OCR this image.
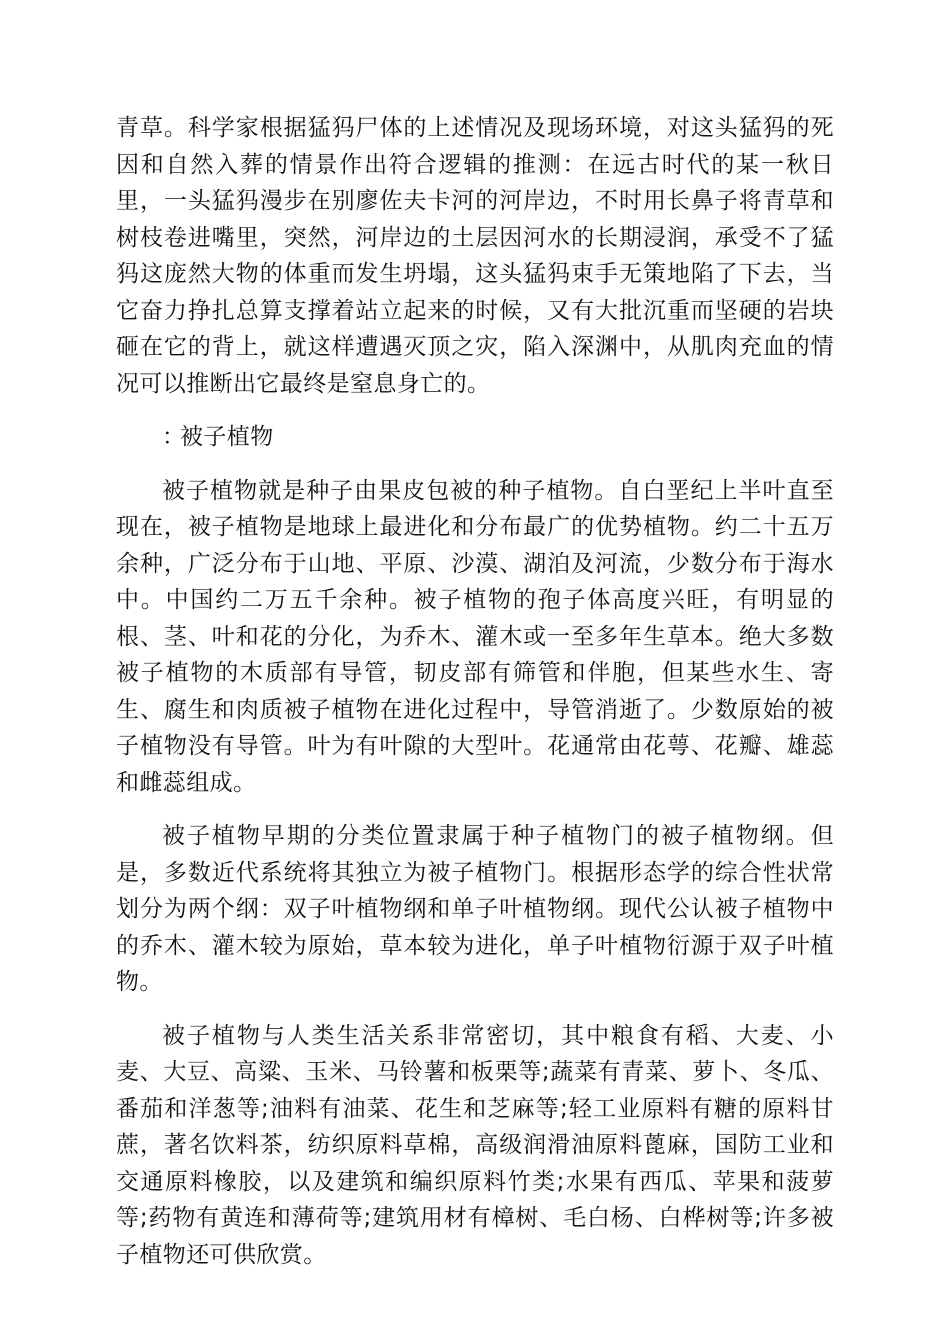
青草。科学家根据猛犸尸体的上述情况及现场环境，对这头猛犸的死因和自然入葬的情景作出符合逻辑的推测：在远古时代的某一秋日里，一头猛犸漫步在别廖佐夫卡河的河岸边，不时用长鼻子将青草和树枝卷进嘴里，突然，河岸边的土层因河水的长期浸润，承受不了猛犸这庞然大物的体重而发生坍塌，这头猛犸束手无策地陷了下去，当它奋力挣扎总算支撑着站立起来的时候，又有大批沉重而坚硬的岩块砸在它的背上，就这样遭遇灭顶之灾，陷入深渊中，从肌肉充血的情况可以推断出它最终是窒息身亡的。

：被子植物

被子植物就是种子由果皮包被的种子植物。自白垩纪上半叶直至现在，被子植物是地球上最进化和分布最广的优势植物。约二十五万余种，广泛分布于山地、平原、沙漠、湖泊及河流，少数分布于海水中。中国约二万五千余种。被子植物的孢子体高度兴旺，有明显的根、茎、叶和花的分化，为乔木、灌木或一至多年生草本。绝大多数被子植物的木质部有导管，韧皮部有筛管和伴胞，但某些水生、寄生、腐生和肉质被子植物在进化过程中，导管消逝了。少数原始的被子植物没有导管。叶为有叶隙的大型叶。花通常由花萼、花瓣、雄蕊和雌蕊组成。

被子植物早期的分类位置隶属于种子植物门的被子植物纲。但是，多数近代系统将其独立为被子植物门。根据形态学的综合性状常划分为两个纲：双子叶植物纲和单子叶植物纲。现代公认被子植物中的乔木、灌木较为原始，草本较为进化，单子叶植物衍源于双子叶植物。

被子植物与人类生活关系非常密切，其中粮食有稻、大麦、小麦、大豆、高粱、玉米、马铃薯和板栗等;蔬菜有青菜、萝卜、冬瓜、番茄和洋葱等;油料有油菜、花生和芝麻等;轻工业原料有糖的原料甘蔗，著名饮料茶，纺织原料草棉，高级润滑油原料蓖麻，国防工业和交通原料橡胶，以及建筑和编织原料竹类;水果有西瓜、苹果和菠萝等;药物有黄连和薄荷等;建筑用材有樟树、毛白杨、白桦树等;许多被子植物还可供欣赏。
